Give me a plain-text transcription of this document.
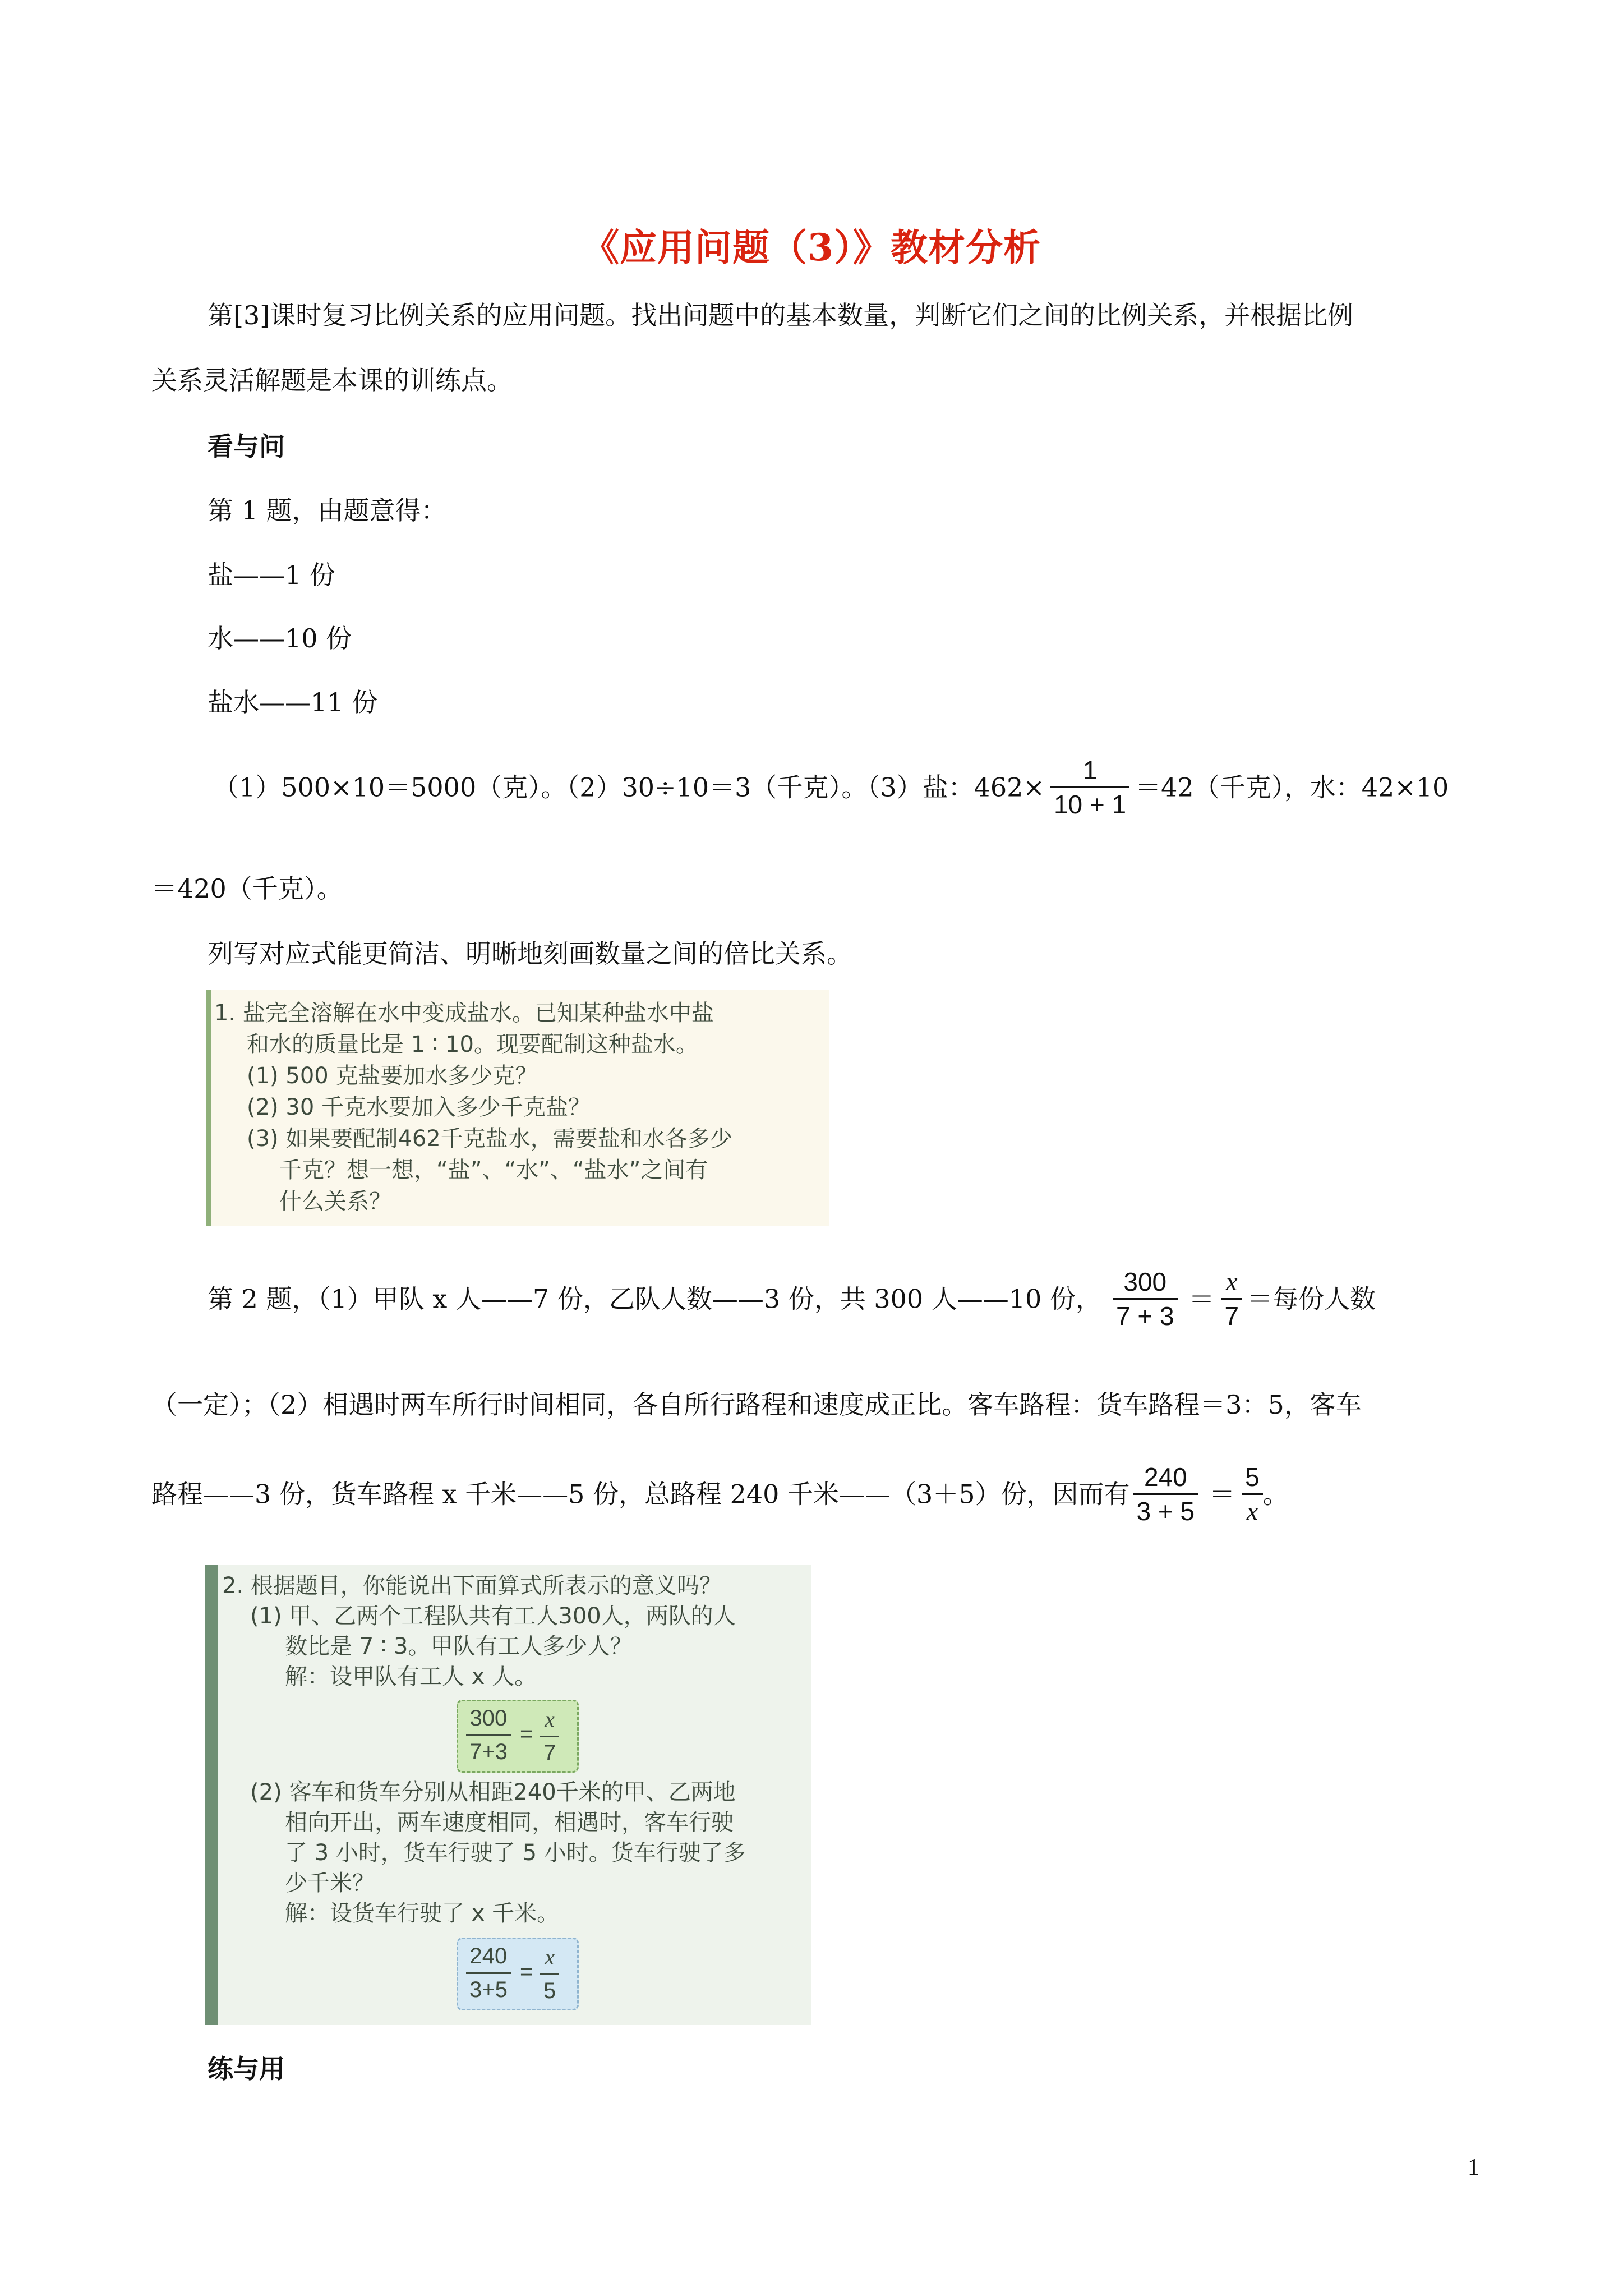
《应用问题（3）》教材分析
第[3]课时复习比例关系的应用问题。找出问题中的基本数量，判断它们之间的比例关系，并根据比例
关系灵活解题是本课的训练点。
看与问
第 1 题，由题意得：
盐——1 份
水——10 份
盐水——11 份
（1）500×10＝5000（克）。（2）30÷10＝3（千克）。（3）盐：$462\times \frac{1}{10 + 1} =42$（千克），水：42×10
＝420（千克）。
列写对应式能更简洁、明晰地刻画数量之间的倍比关系。
1. 盐完全溶解在水中变成盐水。已知某种盐水中盐
和水的质量比是 1 ∶ 10。现要配制这种盐水。
(1) 500 克盐要加水多少克？
(2) 30 千克水要加入多少千克盐？
(3) 如果要配制462千克盐水，需要盐和水各多少
千克？想一想，“盐”、“水”、“盐水”之间有
什么关系？
第 2 题，（1）甲队 x 人——7 份，乙队人数——3 份，共 300 人——10 份， $\frac{300}{7 + 3} = \frac{x}{7}$ ＝每份人数
（一定）；（2）相遇时两车所行时间相同，各自所行路程和速度成正比。客车路程：货车路程＝3：5，客车
路程——3 份，货车路程 x 千米——5 份，总路程 240 千米——（3＋5）份，因而有 $\frac{240}{3 + 5} = \frac{5}{x}$ 。
2. 根据题目，你能说出下面算式所表示的意义吗？
(1) 甲、乙两个工程队共有工人300人，两队的人
数比是 7 ∶ 3。甲队有工人多少人？
解：设甲队有工人 x 人。
$\frac{300}{7+3} = \frac{x}{7}$
(2) 客车和货车分别从相距240千米的甲、乙两地
相向开出，两车速度相同，相遇时，客车行驶
了 3 小时，货车行驶了 5 小时。货车行驶了多
少千米？
解：设货车行驶了 x 千米。
$\frac{240}{3+5} = \frac{x}{5}$
练与用
1
